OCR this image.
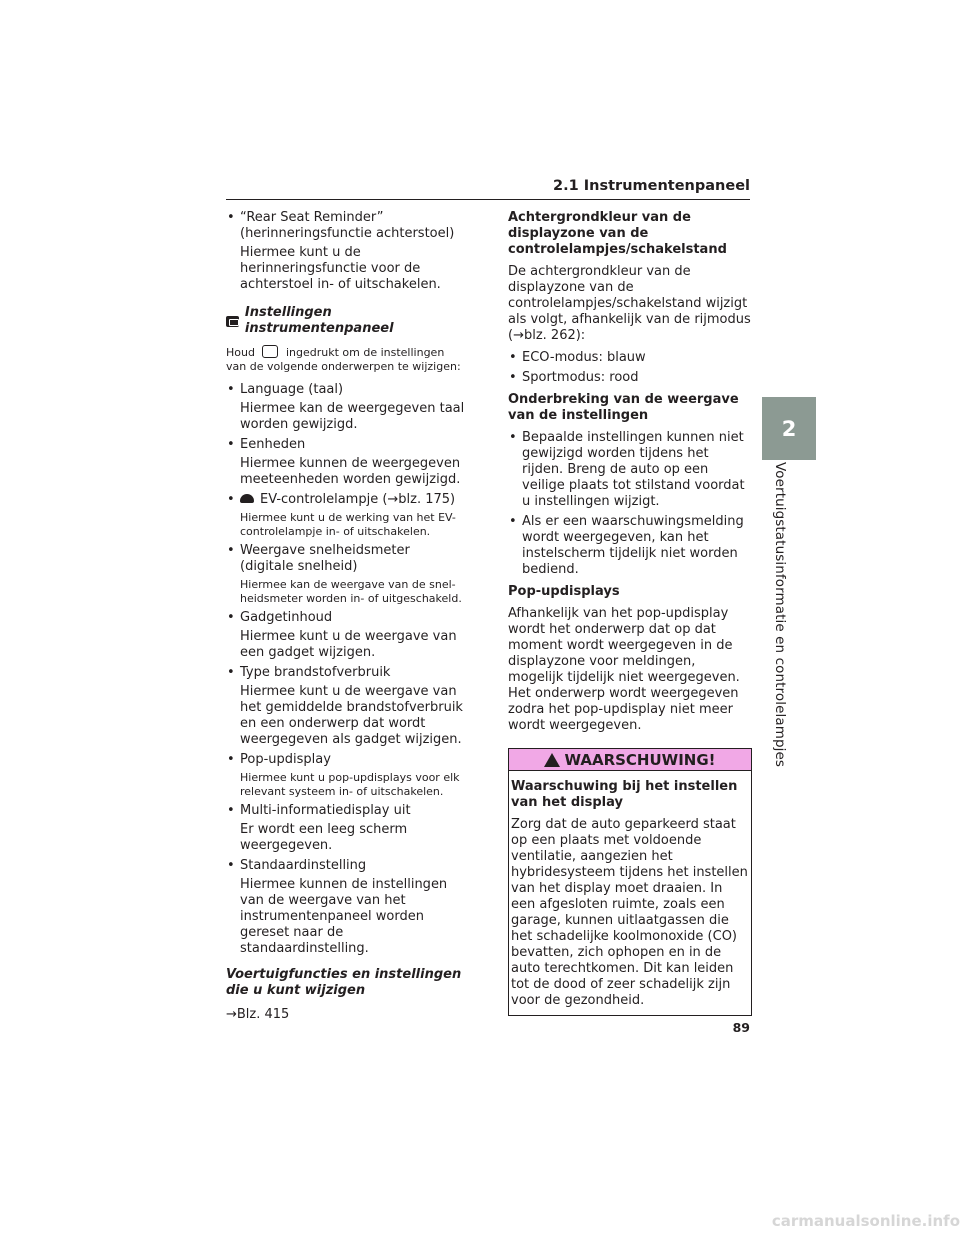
2.1 Instrumentenpaneel
2
Voertuigstatusinformatie en controlelampjes
• “Rear Seat Reminder”

(herinneringsfunctie achterstoel)

Hiermee kunt u de herinneringsfunctie voor de achterstoel in- of uitschakelen.

Instellingen instrumentenpaneel

Houd	ingedrukt om de instellingen van de volgende onderwerpen te wijzigen:

• Language (taal)

Hiermee kan de weergegeven taal worden gewijzigd.

• Eenheden

Hiermee kunnen de weergegeven meeteenheden worden gewijzigd.

•	EV-controlelampje (→blz. 175)

Hiermee kunt u de werking van het EV-controlelampje in- of uitschakelen.

• Weergave snelheidsmeter (digitale snelheid)

Hiermee kan de weergave van de snelheidsmeter worden in- of uitgeschakeld.

• Gadgetinhoud

Hiermee kunt u de weergave van een gadget wijzigen.

• Type brandstofverbruik

Hiermee kunt u de weergave van het gemiddelde brandstofverbruik en een onderwerp dat wordt weergegeven als gadget wijzigen.

• Pop-updisplay

Hiermee kunt u pop-updisplays voor elk relevant systeem in- of uitschakelen.

• Multi-informatiedisplay uit

Er wordt een leeg scherm weergegeven.

• Standaardinstelling

Hiermee kunnen de instellingen van de weergave van het instrumentenpaneel worden gereset naar de standaardinstelling.

Voertuigfuncties en instellingen die u kunt wijzigen

→Blz. 415

Achtergrondkleur van de displayzone van de controlelampjes/schakelstand

De achtergrondkleur van de displayzone van de controlelampjes/schakelstand wijzigt als volgt, afhankelijk van de rijmodus (→blz. 262):

• ECO-modus: blauw

• Sportmodus: rood

Onderbreking van de weergave van de instellingen

• Bepaalde instellingen kunnen niet gewijzigd worden tijdens het rijden. Breng de auto op een veilige plaats tot stilstand voordat u instellingen wijzigt.

• Als er een waarschuwingsmelding wordt weergegeven, kan het instelscherm tijdelijk niet worden bediend.

Pop-updisplays

Afhankelijk van het pop-updisplay wordt het onderwerp dat op dat moment wordt weergegeven in de displayzone voor meldingen, mogelijk tijdelijk niet weergegeven. Het onderwerp wordt weergegeven zodra het pop-updisplay niet meer wordt weergegeven.

WAARSCHUWING!

Waarschuwing bij het instellen van het display

Zorg dat de auto geparkeerd staat op een plaats met voldoende ventilatie, aangezien het hybridesysteem tijdens het instellen van het display moet draaien. In een afgesloten ruimte, zoals een garage, kunnen uitlaatgassen die het schadelijke koolmonoxide (CO) bevatten, zich ophopen en in de auto terechtkomen. Dit kan leiden tot de dood of zeer schadelijk zijn voor de gezondheid.

89
carmanualsonline.info
